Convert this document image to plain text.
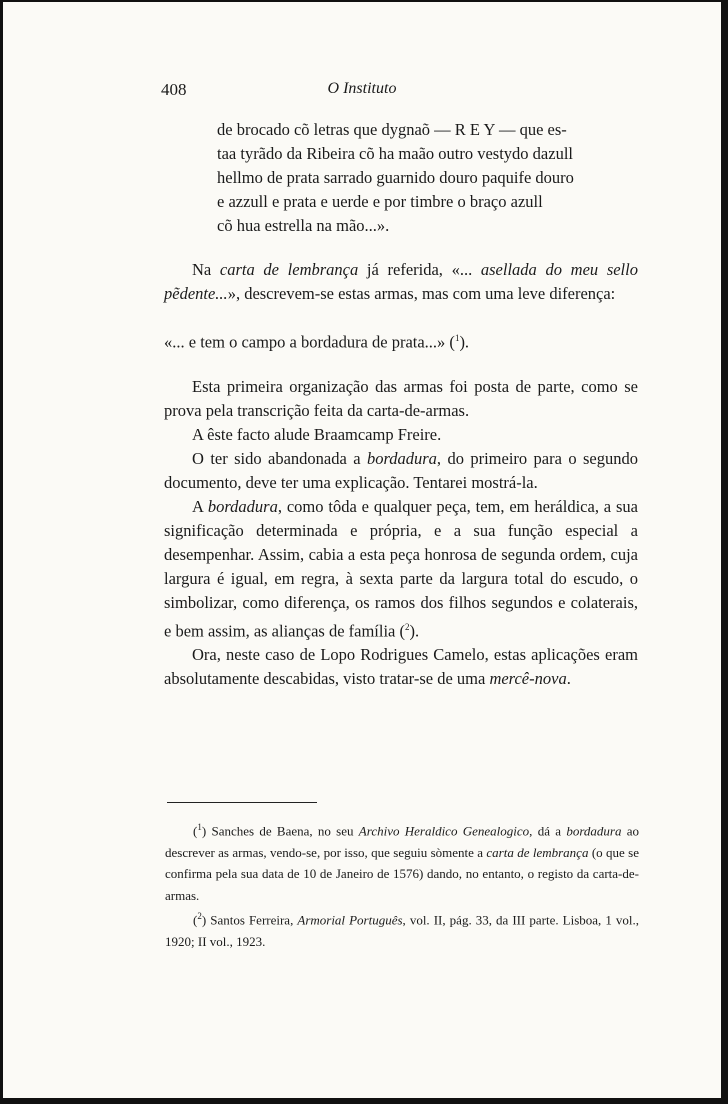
408	O Instituto

de brocado cõ letras que dygnaõ — R E Y — que es-

taa tyrãdo da Ribeira cõ ha maão outro vestydo dazull

hellmo de prata sarrado guarnido douro paquife douro

e azzull e prata e uerde e por timbre o braço azull

cõ hua estrella na mão...».

Na carta de lembrança já referida, «... asellada do meu sello pẽdente...», descrevem-se estas armas, mas com uma leve diferença:

«... e tem o campo a bordadura de prata...» ($^1$).

Esta primeira organização das armas foi posta de parte, como se prova pela transcrição feita da carta-de-armas.

A êste facto alude Braamcamp Freire.

O ter sido abandonada a bordadura, do primeiro para o segundo documento, deve ter uma explicação. Tentarei mostrá-la.

A bordadura, como tôda e qualquer peça, tem, em heráldica, a sua significação determinada e própria, e a sua função especial a desempenhar. Assim, cabia a esta peça honrosa de segunda ordem, cuja largura é igual, em regra, à sexta parte da largura total do escudo, o simbolizar, como diferença, os ramos dos filhos segundos e colaterais, e bem assim, as alianças de família ($^2$).

Ora, neste caso de Lopo Rodrigues Camelo, estas aplicações eram absolutamente descabidas, visto tratar-se de uma mercê-nova.

($^1$) Sanches de Baena, no seu Archivo Heraldico Genealogico, dá a bordadura ao descrever as armas, vendo-se, por isso, que seguiu sòmente a carta de lembrança (o que se confirma pela sua data de 10 de Janeiro de 1576) dando, no entanto, o registo da carta-de-armas.

($^2$) Santos Ferreira, Armorial Português, vol. II, pág. 33, da III parte. Lisboa, 1 vol., 1920; II vol., 1923.
